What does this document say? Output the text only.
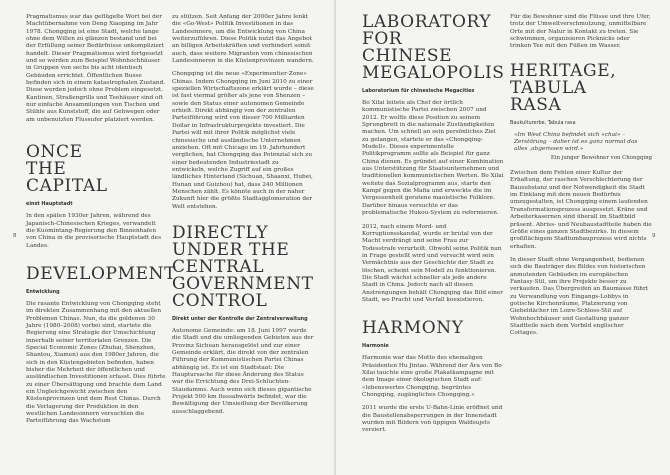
8	9

Pragmatismus war das geflügelte Wort bei der Machtübernahme von Deng Xiaoping im Jahr 1978. Chongqing ist eine Stadt, welche lange ohne dem Willen zu glänzen bestand und bei der Erfüllung seiner Bedürfnisse unkompliziert handelt. Dieser Pragmatismus wird fortgesetzt und so werden zum Beispiel Wohnhochhäuser in Gruppen von sechs bis acht identisch Gebäuden errichtet. Öffentlichen Busse befinden sich in einem katastrophalen Zustand. Diese werden jedoch ohne Problem eingesetzt. Kantinen, Straßengrills und Teehäuser sind oft nur einfache Ansammlungen von Tischen und Stühle aus Kunststoff, die auf Gehwegen oder am unbenutzten Flussufer platziert werden.

ONCE THE CAPITAL
einst Hauptstadt

In den späten 1930er Jahren, während des Japanisch-Chinesischen Krieges, verwandelt die Kuomintang-Regierung den Binnenhafen von China in die provisorische Hauptstadt des Landes.

DEVELOPMENT
Entwicklung

Die rasante Entwicklung von Chongqing steht im direkten Zusammenhang mit den aktuellen Problemen Chinas. Nun, da die goldenen 30 Jahre (1980–2008) vorbei sind, startete die Regierung eine Strategie der Umschichtung innerhalb seiner territorialen Grenzen. Die Special Economic Zones (Zhuhai, Shenzhen, Shantou, Xiamen) aus den 1980er Jahren, die sich in den Küstengebieten befinden, haben bisher die Mehrheit der öffentlichen und ausländischen Investitionen erfasst. Dies führte zu einer Übersättigung und brachte dem Land ein Ungleichgewicht zwischen den Küstenprovinzen und dem Rest Chinas. Durch die Verlagerung der Produktion in den westlichen Landesinnern versuchten die Parteiführung das Wachstum

zu stützen. Seit Anfang der 2000er Jahre lenkt die «Go-West» Politik Investitionen in das Landesinnere, um die Entwicklung von China weiterzuführen. Diese Politik nutzt das Angebot an billigen Arbeitskräften und verhindert somit auch, dass weitere Migranten vom chinesischen Landesinneren in die Küstenprovinzen wandern.

Chongqing ist die neue «Experimentier-Zone» Chinas. Indem Chongqing im Juni 2010 zu einer speziellen Wirtschaftszone erklärt wurde – diese ist fast viermal größer als jene von Shenzen – sowie den Status einer autonomen Gemeinde erhielt. Direkt abhängig von der zentralen Parteiführung wird von dieser 700 Milliarden Dollar in Infrastrukturprojekte investiert. Die Partei will mit ihrer Politik möglichst viele chinesische und ausländische Unternehmen anziehen. Oft mit Chicago im 19. Jahrhundert verglichen, hat Chongqing das Potenzial sich zu einer bedeutenden Industriestadt zu entwickeln, welche Zugriff auf ein großes ländliches Hinterland (Sichuan, Shaanxi, Hubei, Hunan und Guizhou) hat, dass 240 Millionen Menschen zählt. Es könnte auch in der naher Zukunft hier die größte Stadtagglomeration der Welt entstehen.

DIRECTLY UNDER THE CENTRAL GOVERNMENT CONTROL
Direkt unter der Kontrolle der Zentralverwaltung

Autonome Gemeinde: am 18. Juni 1997 wurde die Stadt und die umliegenden Gebieten aus der Provinz Sichuan herausgelöst und zur einer Gemeinde erklärt, die direkt von der zentralen Führung der Kommunistischen Partei Chinas abhängig ist. Es ist ein Stadtstaat: Die Hauptursache für diese Änderung des Status war die Errichtung des Drei-Schluchten-Staudamms. Auch wenn sich dieses gigantische Projekt 500 km flussabwärts befindet, war die Bewältigung der Umsiedlung der Bevölkerung ausschlaggebend.

LABORATORY FOR CHINESE MEGALOPOLIS
Laboratorium für chinesische Megacities

Bo Xilai leitete als Chef der örtlich kommunistische Partei zwischen 2007 und 2012. Er wollte diese Position zu seinem Sprungbrett in die nationale Zuständigkeiten machen. Um schnell an sein persönliches Ziel zu gelangen, startete er das «Chongqing-Modell». Dieses experimentelle Politikprogramm sollte als Beispiel für ganz China dienen. Es gründet auf einer Kombination aus Unterstützung für Staatsunternehmen und traditionellen kommunistischen Werten. Bo Xilai weitete das Sozialprogramm aus, starte den Kampf gegen die Mafia und erweckte die im Vergessenheit geratene maoistische Folklore. Darüber hinaus versuchte er das problematische Hukou-System zu reformieren.

2012, nach einem Mord- und Korruptionsskandal, wurde er brutal von der Macht verdrängt und seine Frau zur Todesstrafe verurteilt. Obwohl seine Politik nun in Frage gestellt wird und versucht wird sein Vermächtnis aus der Geschichte der Stadt zu löschen, scheint sein Modell zu funktionieren. Die Stadt wächst schneller als jede andere Stadt in China. Jedoch nach all diesen Anstrengungen behält Chongqing das Bild einer Stadt, wo Pracht und Verfall koexistieren.

HARMONY
Harmonie

Harmonie war das Motto des ehemaligen Präsidenten Hu Jintao. Während der Ära von Bo Xilai tauchte eine große Plakatkampagne mit dem Image einer ökologischen Stadt auf: «lebenswertes Chongqing, begrüntes Chongqing, zugängliches Chongqing.»

2011 wurde die erste U-Bahn-Linie eröffnet und die Baustellenabsperrungen in der Innenstadt wurden mit Bildern von üppigen Waldsujets verziert.

Für die Bewohner sind die Flüsse und ihre Ufer, trotz der Umweltverschmutzung, unmittelbare Orte mit der Natur in Kontakt zu treten. Sie schwimmen, organisieren Picknicks oder trinken Tee mit den Füßen im Wasser.

HERITAGE, TABULA RASA
Baukulturerbe, Tabula rasa

«Im West China befindet sich «chai» – Zerstörung – daher ist es ganz normal das alles ‚abgerissen wird.»

Ein junger Bewohner von Chongqing

Zwischen dem Fehlen einer Kultur der Erhaltung, der raschen Verschlechterung der Bausubstanz und der Notwendigkeit die Stadt im Einklang mit dem neuen Bedürfnis umzugestalten, ist Chongqing einem laufenden Transformationsprozess ausgesetzt. Kräne und Arbeiterkasernen sind überall im Stadtbild präsent. Abriss- und Neubaustadtteile haben die Größe eines ganzen Stadtbezirks. In diesem großflächigem Stadtumbauprozess wird nichts erhalten.

In dieser Stadt ohne Vergangenheit, bedienen sich die Bauträger des Bildes von historischen anmutenden Gebäuden im europäischen Fantasy-Stil, um ihre Projekte besser zu verkaufen. Das Übergreifen an Baumasse führt zu Verwandlung von Eingangs-Lobbys in gotische Kirchenräume, Platzierung von Giebeldächer im Loire-Schloss-Stil auf Wohnhochhäuser und Gestaltung ganzer Stadtteile nach dem Vorbild englischer Cottages.
